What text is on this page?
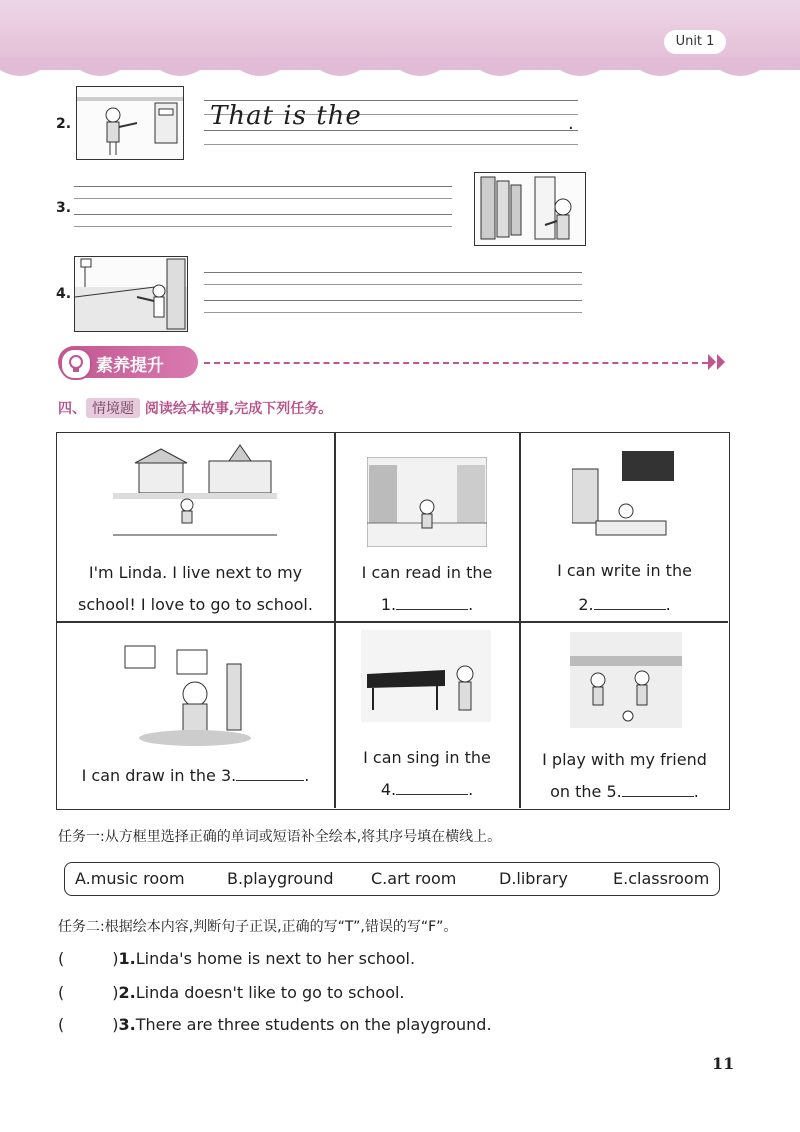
Unit 1
2.	That is the	.
3.
4.
素养提升
四、 情境题 阅读绘本故事,完成下列任务。
I'm Linda. I live next to my
school! I love to go to school.
I can read in the
1.	.
I can write in the
2.	.
I can draw in the 3.	.
I can sing in the
4.	.
I play with my friend
on the 5.	.
任务一:从方框里选择正确的单词或短语补全绘本,将其序号填在横线上。
A.music room	B.playground C.art room	D.library	E.classroom
任务二:根据绘本内容,判断句子正误,正确的写“T”,错误的写“F”。
(　　　)1.Linda's home is next to her school.
(　　　)2.Linda doesn't like to go to school.
(　　　)3.There are three students on the playground.
11
